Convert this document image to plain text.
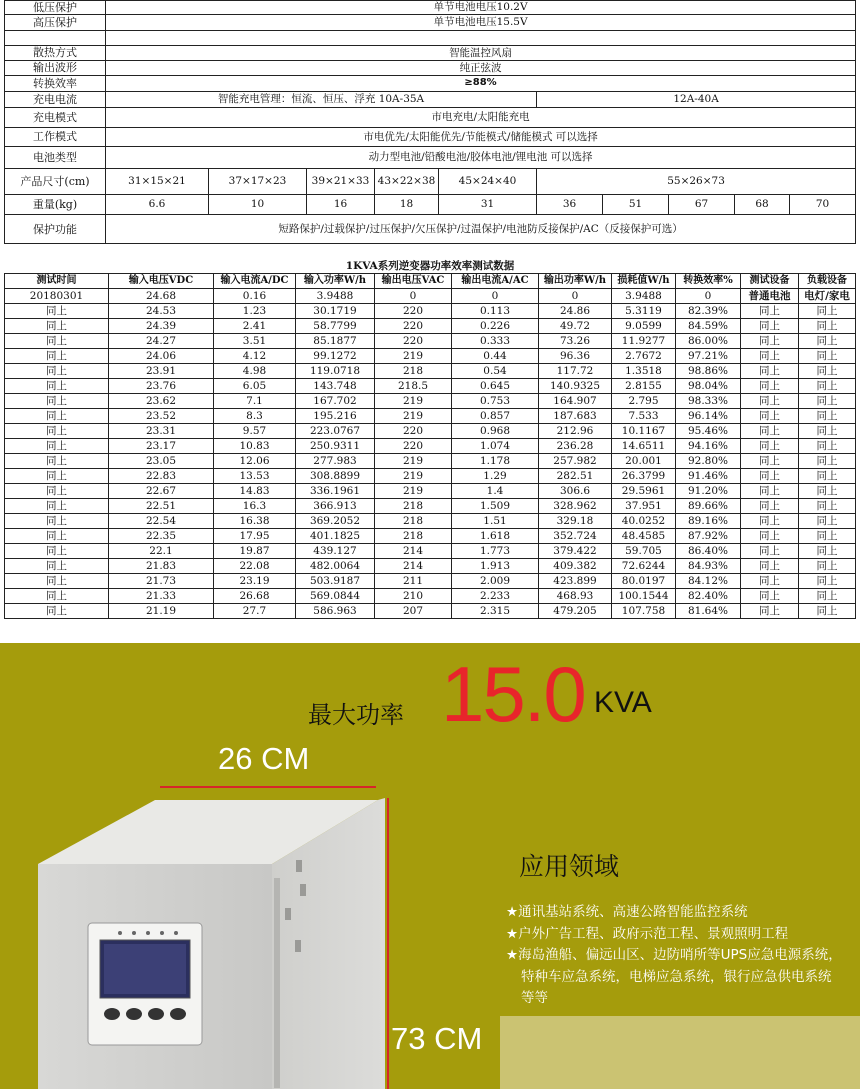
低压保护	单节电池电压10.2V									
高压保护	单节电池电压15.5V									

散热方式	智能温控风扇									
输出波形	纯正弦波									
转换效率	≥88%									
充电电流	智能充电管理：恒流、恒压、浮充 10A-35A					12A-40A				
充电模式	市电充电/太阳能充电									
工作模式	市电优先/太阳能优先/节能模式/储能模式 可以选择									
电池类型	动力型电池/铅酸电池/胶体电池/锂电池 可以选择									
产品尺寸(cm)	31×15×21	37×17×23	39×21×33	43×22×38	45×24×40	55×26×73				
重量(kg)	6.6	10	16	18	31	36	51	67	68	70
保护功能	短路保护/过载保护/过压保护/欠压保护/过温保护/电池防反接保护/AC（反接保护可选）									
1KVA系列逆变器功率效率测试数据
测试时间	输入电压VDC	输入电流A/DC	输入功率W/h	输出电压VAC	输出电流A/AC	输出功率W/h	损耗值W/h	转换效率%	测试设备	负载设备
20180301	24.68	0.16	3.9488	0	0	0	3.9488	0	普通电池	电灯/家电
同上	24.53	1.23	30.1719	220	0.113	24.86	5.3119	82.39%	同上	同上
同上	24.39	2.41	58.7799	220	0.226	49.72	9.0599	84.59%	同上	同上
同上	24.27	3.51	85.1877	220	0.333	73.26	11.9277	86.00%	同上	同上
同上	24.06	4.12	99.1272	219	0.44	96.36	2.7672	97.21%	同上	同上
同上	23.91	4.98	119.0718	218	0.54	117.72	1.3518	98.86%	同上	同上
同上	23.76	6.05	143.748	218.5	0.645	140.9325	2.8155	98.04%	同上	同上
同上	23.62	7.1	167.702	219	0.753	164.907	2.795	98.33%	同上	同上
同上	23.52	8.3	195.216	219	0.857	187.683	7.533	96.14%	同上	同上
同上	23.31	9.57	223.0767	220	0.968	212.96	10.1167	95.46%	同上	同上
同上	23.17	10.83	250.9311	220	1.074	236.28	14.6511	94.16%	同上	同上
同上	23.05	12.06	277.983	219	1.178	257.982	20.001	92.80%	同上	同上
同上	22.83	13.53	308.8899	219	1.29	282.51	26.3799	91.46%	同上	同上
同上	22.67	14.83	336.1961	219	1.4	306.6	29.5961	91.20%	同上	同上
同上	22.51	16.3	366.913	218	1.509	328.962	37.951	89.66%	同上	同上
同上	22.54	16.38	369.2052	218	1.51	329.18	40.0252	89.16%	同上	同上
同上	22.35	17.95	401.1825	218	1.618	352.724	48.4585	87.92%	同上	同上
同上	22.1	19.87	439.127	214	1.773	379.422	59.705	86.40%	同上	同上
同上	21.83	22.08	482.0064	214	1.913	409.382	72.6244	84.93%	同上	同上
同上	21.73	23.19	503.9187	211	2.009	423.899	80.0197	84.12%	同上	同上
同上	21.33	26.68	569.0844	210	2.233	468.93	100.1544	82.40%	同上	同上
同上	21.19	27.7	586.963	207	2.315	479.205	107.758	81.64%	同上	同上
最大功率 15.0 KVA
26 CM
73 CM
应用领域
★通讯基站系统、高速公路智能监控系统
★户外广告工程、政府示范工程、景观照明工程
★海岛渔船、偏远山区、边防哨所等UPS应急电源系统，特种车应急系统，电梯应急系统，银行应急供电系统等等
